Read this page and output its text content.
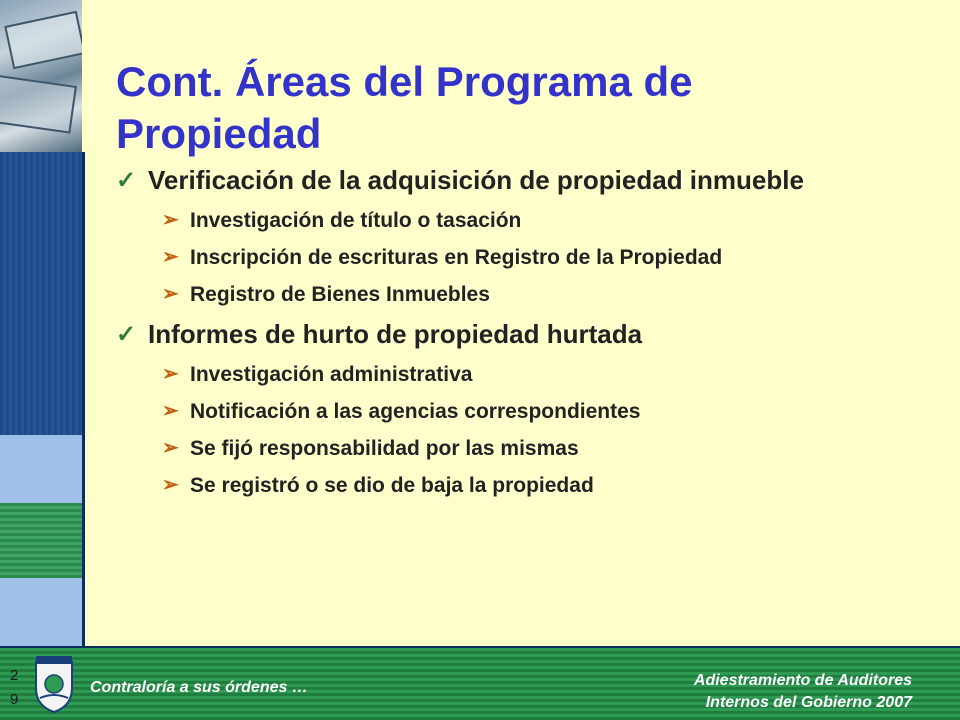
Cont. Áreas del Programa de Propiedad
✓ Verificación de la adquisición de propiedad inmueble
➢ Investigación de título o tasación
➢ Inscripción de escrituras en Registro de la Propiedad
➢ Registro de Bienes Inmuebles
✓ Informes de hurto de propiedad hurtada
➢ Investigación administrativa
➢ Notificación a las agencias correspondientes
➢ Se fijó responsabilidad por las mismas
➢ Se registró o se dio de baja la propiedad
2
9
Contraloría a sus órdenes …	Adiestramiento de Auditores
Internos del Gobierno 2007
